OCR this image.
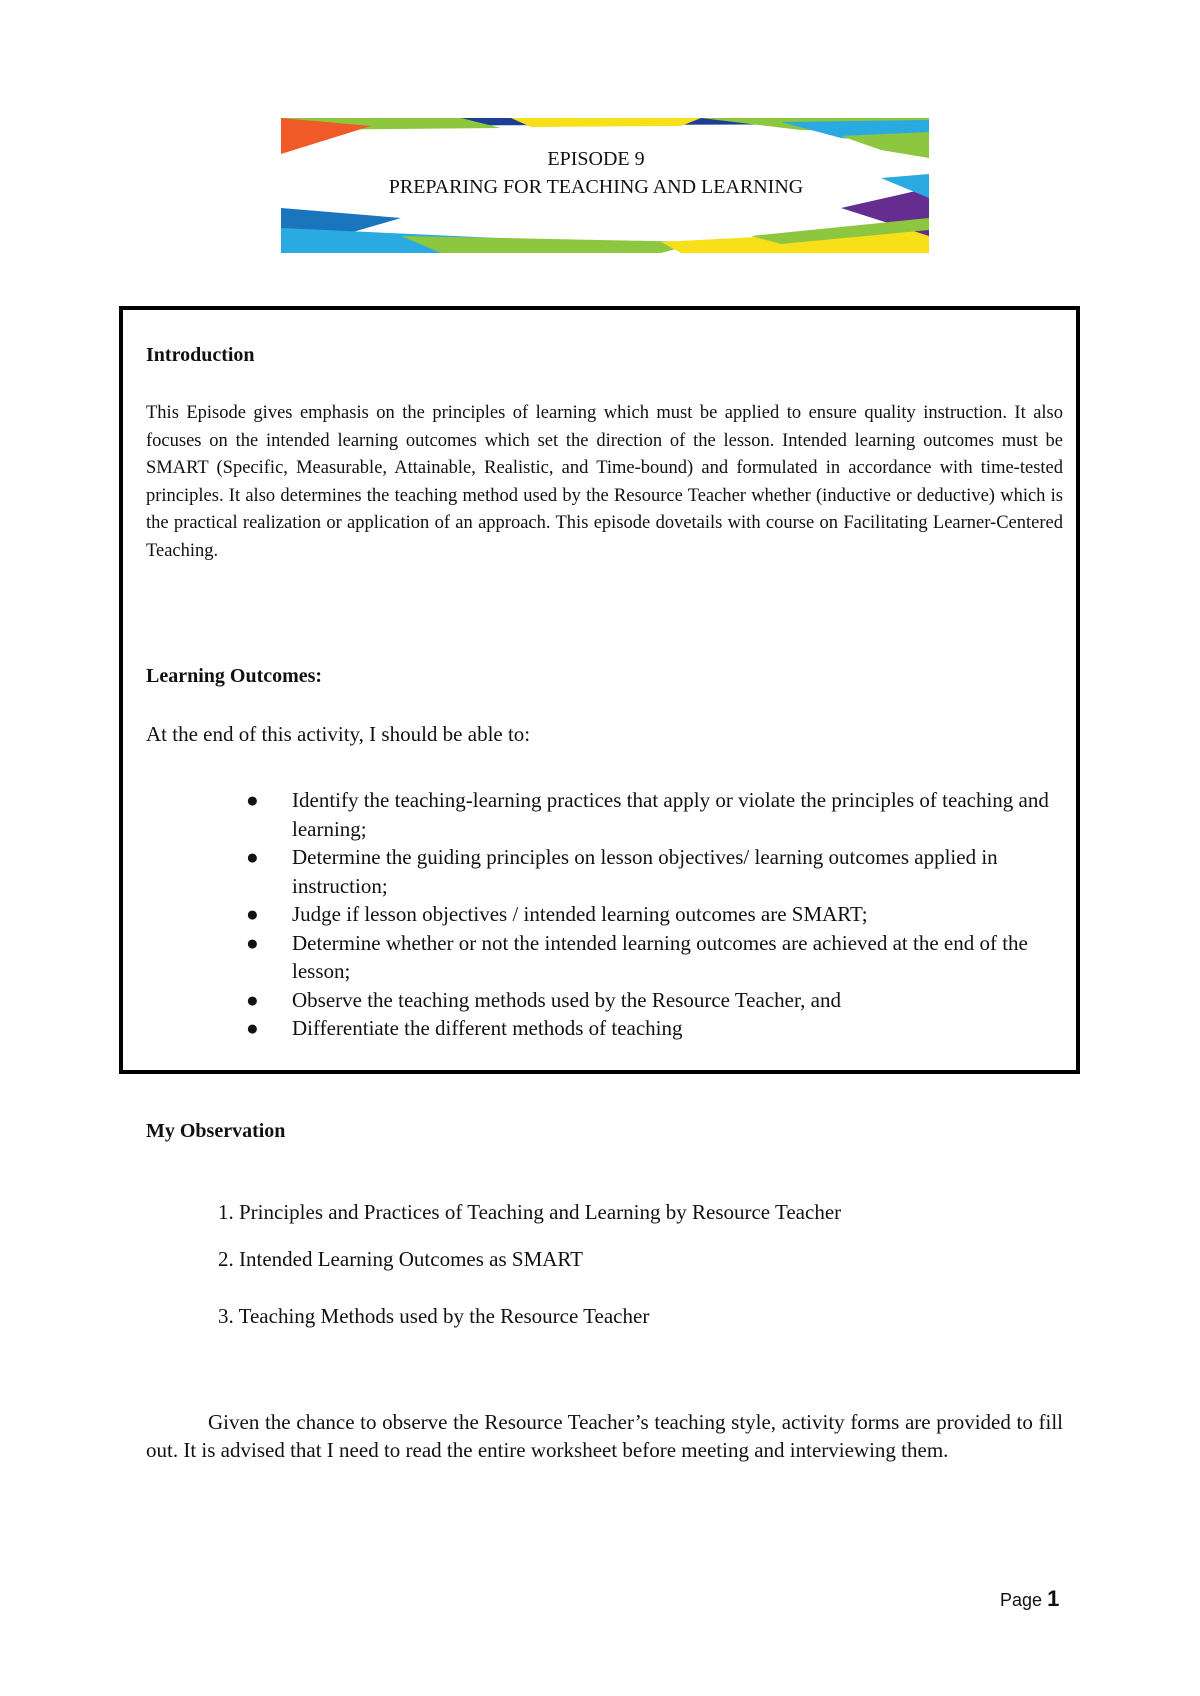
EPISODE 9
PREPARING FOR TEACHING AND LEARNING

Introduction

This Episode gives emphasis on the principles of learning which must be applied to ensure quality instruction. It also focuses on the intended learning outcomes which set the direction of the lesson. Intended learning outcomes must be SMART (Specific, Measurable, Attainable, Realistic, and Time-bound) and formulated in accordance with time-tested principles. It also determines the teaching method used by the Resource Teacher whether (inductive or deductive) which is the practical realization or application of an approach. This episode dovetails with course on Facilitating Learner-Centered Teaching.

Learning Outcomes:

At the end of this activity, I should be able to:

● Identify the teaching-learning practices that apply or violate the principles of teaching and learning;
● Determine the guiding principles on lesson objectives/ learning outcomes applied in instruction;
● Judge if lesson objectives / intended learning outcomes are SMART;
● Determine whether or not the intended learning outcomes are achieved at the end of the lesson;
● Observe the teaching methods used by the Resource Teacher, and
● Differentiate the different methods of teaching

My Observation

1. Principles and Practices of Teaching and Learning by Resource Teacher
2. Intended Learning Outcomes as SMART
3. Teaching Methods used by the Resource Teacher

Given the chance to observe the Resource Teacher’s teaching style, activity forms are provided to fill out. It is advised that I need to read the entire worksheet before meeting and interviewing them.

Page 1
